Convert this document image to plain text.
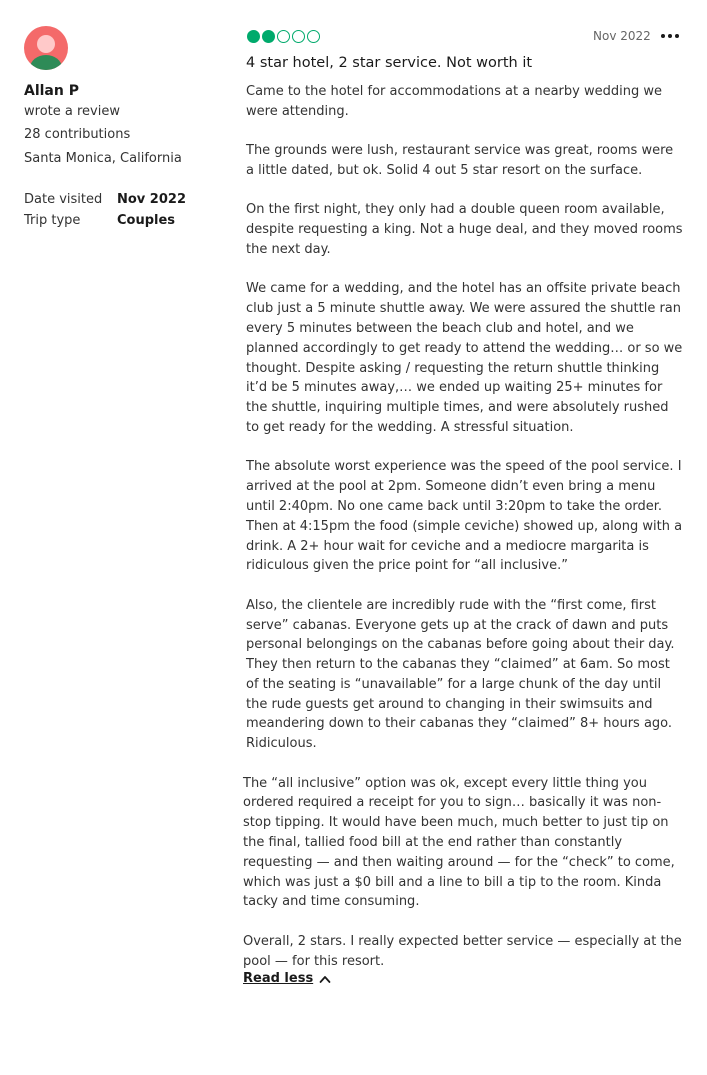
Allan P
wrote a review
28 contributions
Santa Monica, California
Date visited Nov 2022
Trip type	Couples
Nov 2022
4 star hotel, 2 star service. Not worth it

Came to the hotel for accommodations at a nearby wedding we were attending.

The grounds were lush, restaurant service was great, rooms were a little dated, but ok. Solid 4 out 5 star resort on the surface.

On the first night, they only had a double queen room available, despite requesting a king. Not a huge deal, and they moved rooms the next day.

We came for a wedding, and the hotel has an offsite private beach club just a 5 minute shuttle away. We were assured the shuttle ran every 5 minutes between the beach club and hotel, and we planned accordingly to get ready to attend the wedding… or so we thought. Despite asking / requesting the return shuttle thinking it’d be 5 minutes away,… we ended up waiting 25+ minutes for the shuttle, inquiring multiple times, and were absolutely rushed to get ready for the wedding. A stressful situation.

The absolute worst experience was the speed of the pool service. I arrived at the pool at 2pm. Someone didn’t even bring a menu until 2:40pm. No one came back until 3:20pm to take the order. Then at 4:15pm the food (simple ceviche) showed up, along with a drink. A 2+ hour wait for ceviche and a mediocre margarita is ridiculous given the price point for “all inclusive.”

Also, the clientele are incredibly rude with the “first come, first serve” cabanas. Everyone gets up at the crack of dawn and puts personal belongings on the cabanas before going about their day. They then return to the cabanas they “claimed” at 6am. So most of the seating is “unavailable” for a large chunk of the day until the rude guests get around to changing in their swimsuits and meandering down to their cabanas they “claimed” 8+ hours ago. Ridiculous.

The “all inclusive” option was ok, except every little thing you ordered required a receipt for you to sign… basically it was non-stop tipping. It would have been much, much better to just tip on the final, tallied food bill at the end rather than constantly requesting — and then waiting around — for the “check” to come, which was just a $0 bill and a line to bill a tip to the room. Kinda tacky and time consuming.

Overall, 2 stars. I really expected better service — especially at the pool — for this resort.

Read less
